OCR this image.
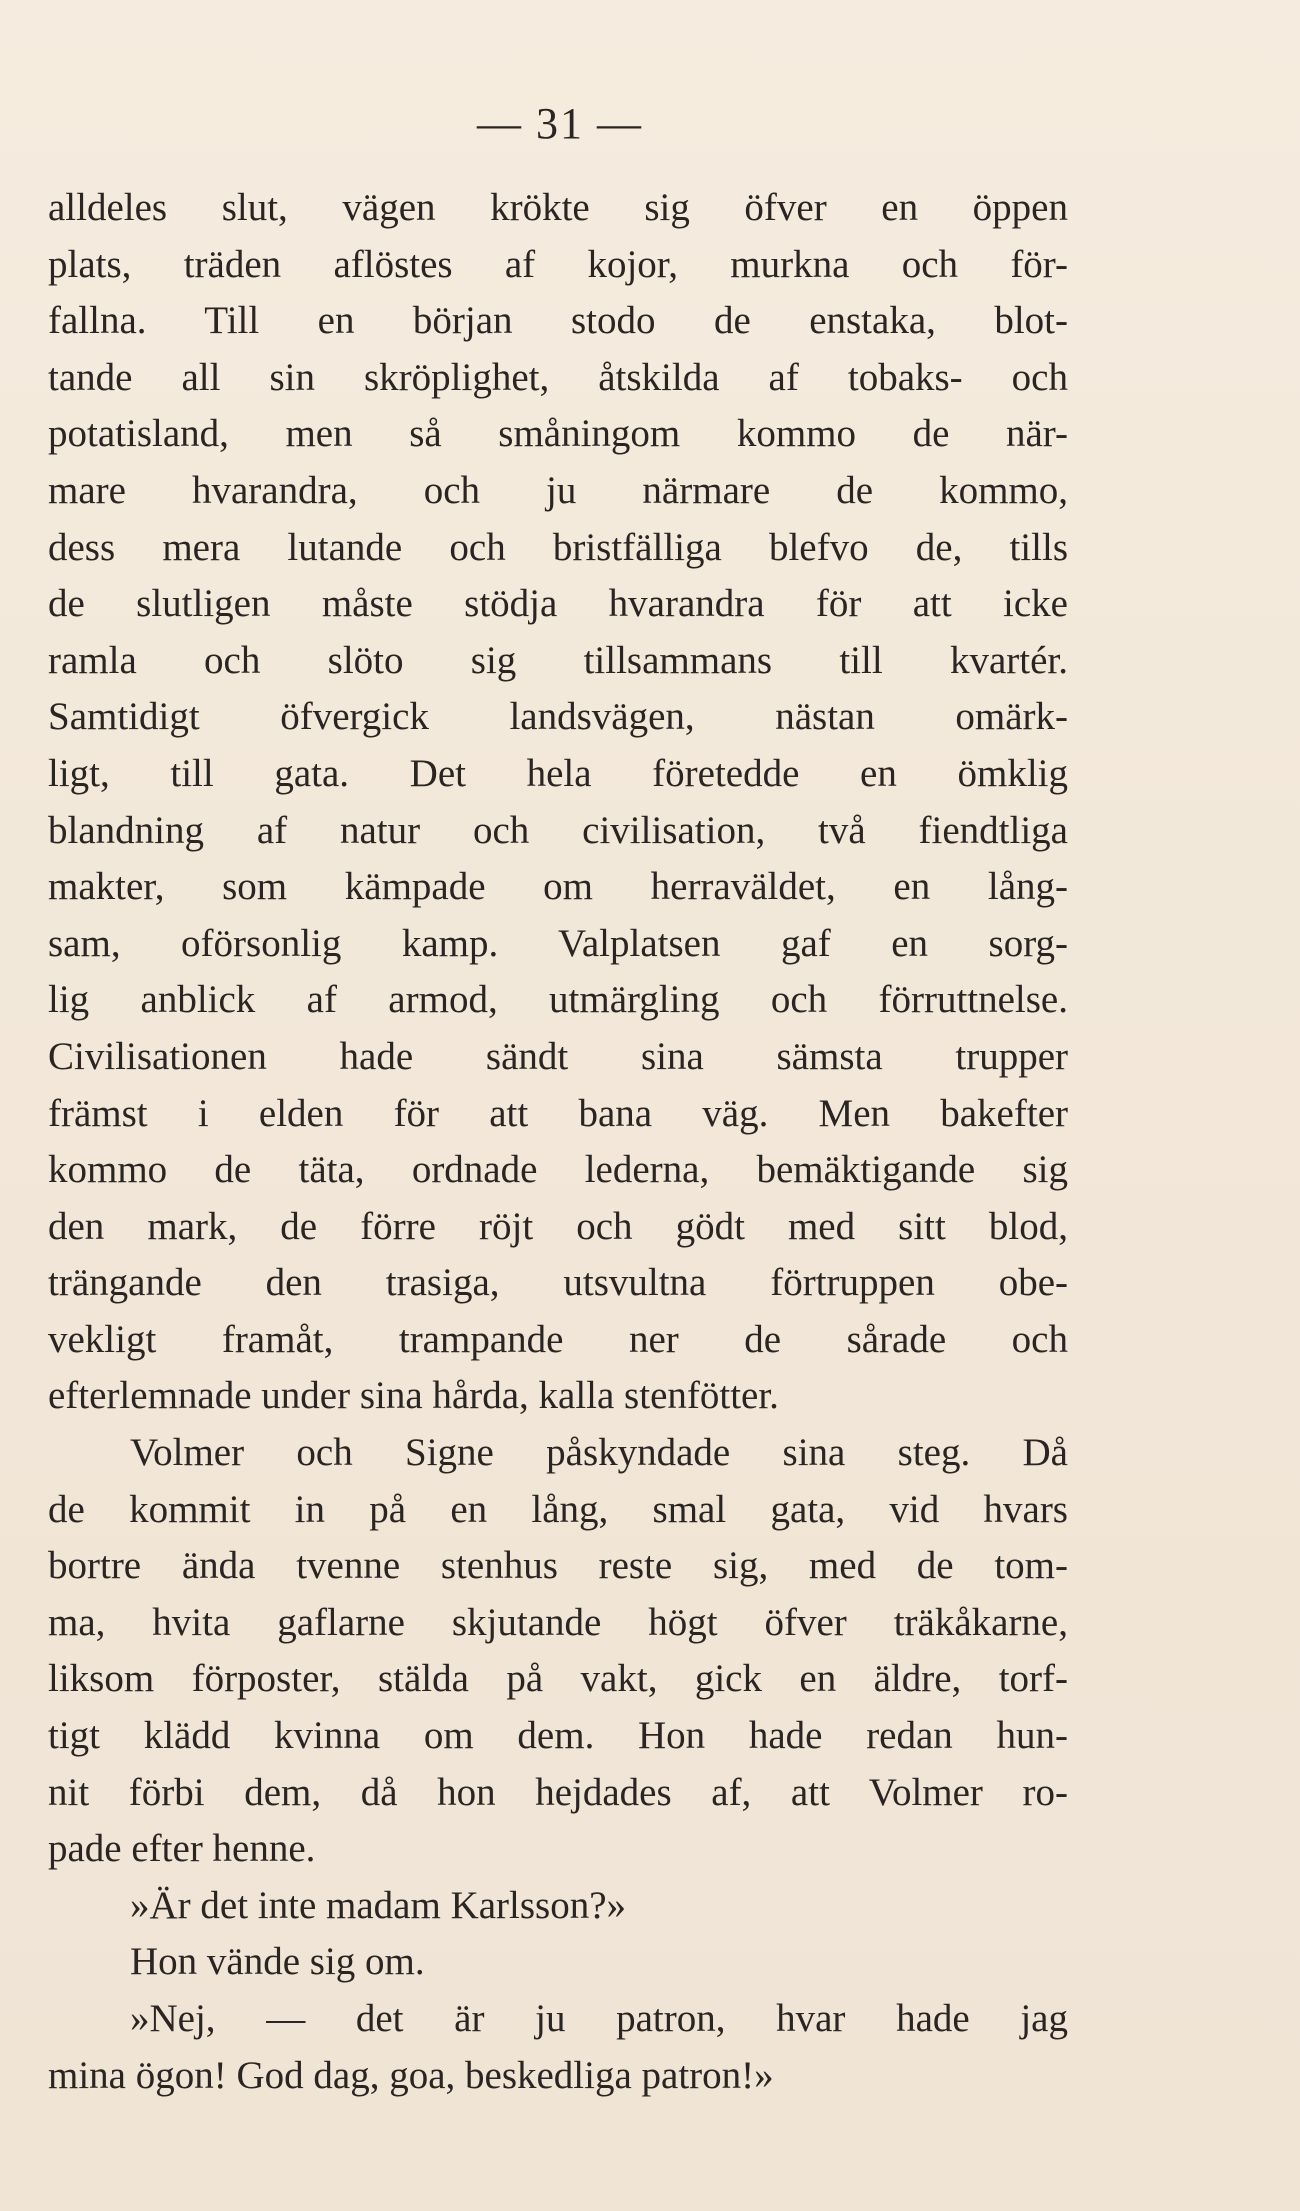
— 31 —
alldeles slut, vägen krökte sig öfver en öppen
plats, träden aflöstes af kojor, murkna och för-
fallna. Till en början stodo de enstaka, blot-
tande all sin skröplighet, åtskilda af tobaks- och
potatisland, men så småningom kommo de när-
mare hvarandra, och ju närmare de kommo,
dess mera lutande och bristfälliga blefvo de, tills
de slutligen måste stödja hvarandra för att icke
ramla och slöto sig tillsammans till kvartér.
Samtidigt öfvergick landsvägen, nästan omärk-
ligt, till gata. Det hela företedde en ömklig
blandning af natur och civilisation, två fiendtliga
makter, som kämpade om herraväldet, en lång-
sam, oförsonlig kamp. Valplatsen gaf en sorg-
lig anblick af armod, utmärgling och förruttnelse.
Civilisationen hade sändt sina sämsta trupper
främst i elden för att bana väg. Men bakefter
kommo de täta, ordnade lederna, bemäktigande sig
den mark, de förre röjt och gödt med sitt blod,
trängande den trasiga, utsvultna förtruppen obe-
vekligt framåt, trampande ner de sårade och
efterlemnade under sina hårda, kalla stenfötter.
Volmer och Signe påskyndade sina steg. Då
de kommit in på en lång, smal gata, vid hvars
bortre ända tvenne stenhus reste sig, med de tom-
ma, hvita gaflarne skjutande högt öfver träkåkarne,
liksom förposter, stälda på vakt, gick en äldre, torf-
tigt klädd kvinna om dem. Hon hade redan hun-
nit förbi dem, då hon hejdades af, att Volmer ro-
pade efter henne.
»Är det inte madam Karlsson?»
Hon vände sig om.
»Nej, — det är ju patron, hvar hade jag
mina ögon! God dag, goa, beskedliga patron!»
